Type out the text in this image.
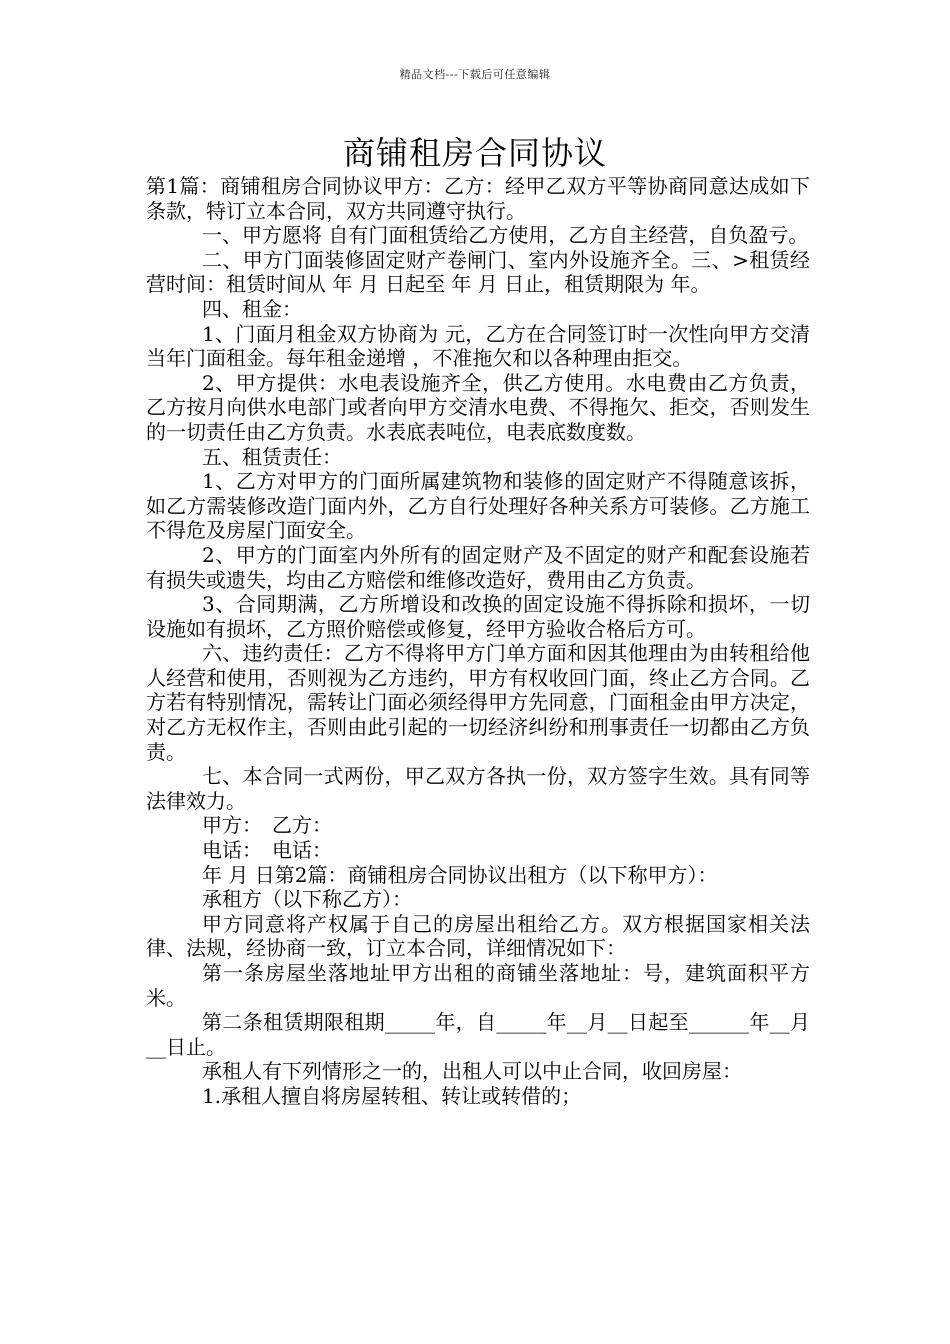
精品文档---下载后可任意编辑
商铺租房合同协议

第1篇：商铺租房合同协议甲方：乙方：经甲乙双方平等协商同意达成如下条款，特订立本合同，双方共同遵守执行。

一、甲方愿将 自有门面租赁给乙方使用，乙方自主经营，自负盈亏。

二、甲方门面装修固定财产卷闸门、室内外设施齐全。三、>租赁经营时间：租赁时间从 年 月 日起至 年 月 日止，租赁期限为 年。

四、租金：

1、门面月租金双方协商为 元，乙方在合同签订时一次性向甲方交清当年门面租金。每年租金递增 ，不准拖欠和以各种理由拒交。

2、甲方提供：水电表设施齐全，供乙方使用。水电费由乙方负责，乙方按月向供水电部门或者向甲方交清水电费、不得拖欠、拒交，否则发生的一切责任由乙方负责。水表底表吨位，电表底数度数。

五、租赁责任：

1、乙方对甲方的门面所属建筑物和装修的固定财产不得随意该拆，如乙方需装修改造门面内外，乙方自行处理好各种关系方可装修。乙方施工不得危及房屋门面安全。

2、甲方的门面室内外所有的固定财产及不固定的财产和配套设施若有损失或遗失，均由乙方赔偿和维修改造好，费用由乙方负责。

3、合同期满，乙方所增设和改换的固定设施不得拆除和损坏，一切设施如有损坏，乙方照价赔偿或修复，经甲方验收合格后方可。

六、违约责任：乙方不得将甲方门单方面和因其他理由为由转租给他人经营和使用，否则视为乙方违约，甲方有权收回门面，终止乙方合同。乙方若有特别情况，需转让门面必须经得甲方先同意，门面租金由甲方决定，对乙方无权作主，否则由此引起的一切经济纠纷和刑事责任一切都由乙方负责。

七、本合同一式两份，甲乙双方各执一份，双方签字生效。具有同等法律效力。

甲方：　乙方：

电话：　电话：

年 月 日第2篇：商铺租房合同协议出租方（以下称甲方）：

承租方（以下称乙方）：

甲方同意将产权属于自己的房屋出租给乙方。双方根据国家相关法律、法规，经协商一致，订立本合同，详细情况如下：

第一条房屋坐落地址甲方出租的商铺坐落地址：号，建筑面积平方米。

第二条租赁期限租期_____年，自_____年__月__日起至______年__月__日止。

承租人有下列情形之一的，出租人可以中止合同，收回房屋：

1.承租人擅自将房屋转租、转让或转借的；
